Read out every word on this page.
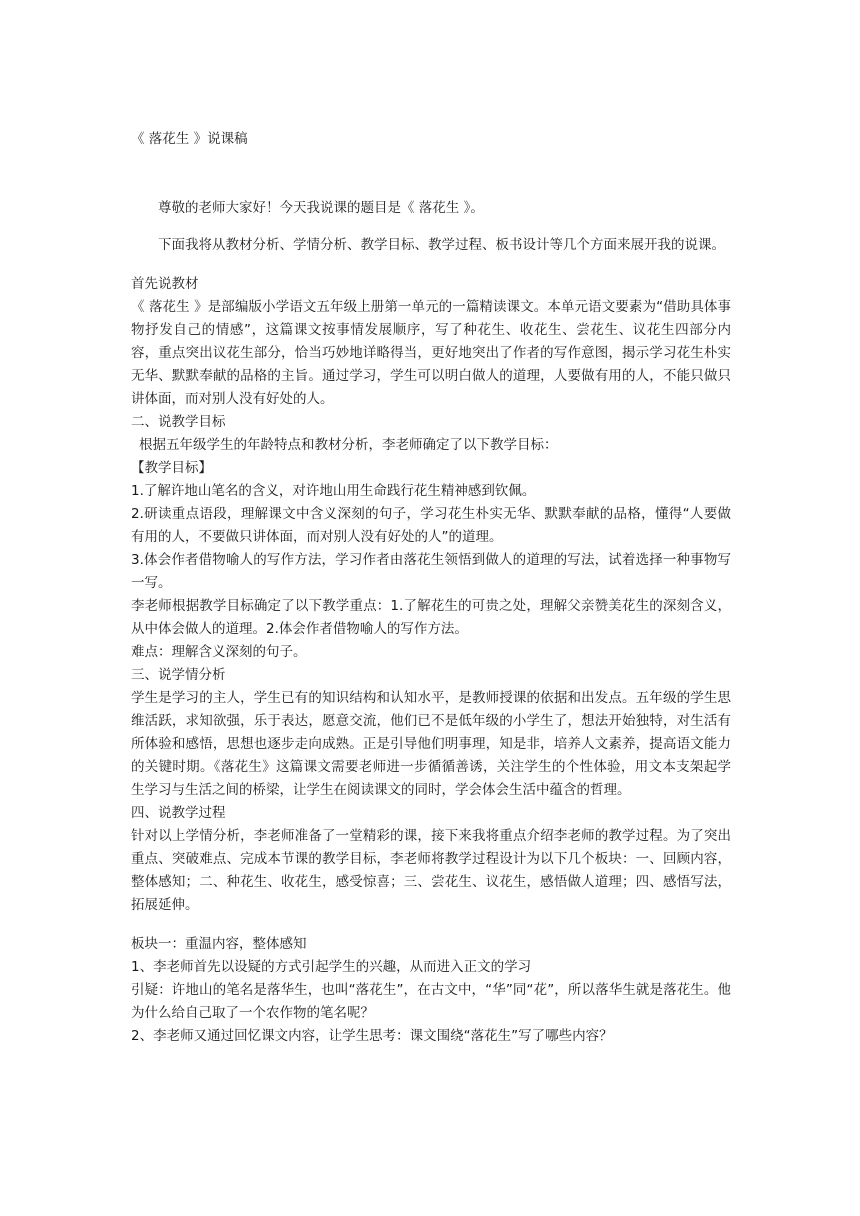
《 落花生 》说课稿

尊敬的老师大家好！今天我说课的题目是《 落花生 》。

下面我将从教材分析、学情分析、教学目标、教学过程、板书设计等几个方面来展开我的说课。

首先说教材

《 落花生 》是部编版小学语文五年级上册第一单元的一篇精读课文。本单元语文要素为“借助具体事物抒发自己的情感”，这篇课文按事情发展顺序，写了种花生、收花生、尝花生、议花生四部分内容，重点突出议花生部分，恰当巧妙地详略得当，更好地突出了作者的写作意图，揭示学习花生朴实无华、默默奉献的品格的主旨。通过学习，学生可以明白做人的道理，人要做有用的人，不能只做只讲体面，而对别人没有好处的人。

二、说教学目标

根据五年级学生的年龄特点和教材分析，李老师确定了以下教学目标：

【教学目标】

1.了解许地山笔名的含义，对许地山用生命践行花生精神感到钦佩。

2.研读重点语段，理解课文中含义深刻的句子，学习花生朴实无华、默默奉献的品格，懂得“人要做有用的人，不要做只讲体面，而对别人没有好处的人”的道理。

3.体会作者借物喻人的写作方法，学习作者由落花生领悟到做人的道理的写法，试着选择一种事物写一写。

李老师根据教学目标确定了以下教学重点：1.了解花生的可贵之处，理解父亲赞美花生的深刻含义，从中体会做人的道理。2.体会作者借物喻人的写作方法。

难点：理解含义深刻的句子。

三、说学情分析

学生是学习的主人，学生已有的知识结构和认知水平，是教师授课的依据和出发点。五年级的学生思维活跃，求知欲强，乐于表达，愿意交流，他们已不是低年级的小学生了，想法开始独特，对生活有所体验和感悟，思想也逐步走向成熟。正是引导他们明事理，知是非，培养人文素养，提高语文能力的关键时期。《落花生》这篇课文需要老师进一步循循善诱，关注学生的个性体验，用文本支架起学生学习与生活之间的桥梁，让学生在阅读课文的同时，学会体会生活中蕴含的哲理。

四、说教学过程

针对以上学情分析，李老师准备了一堂精彩的课，接下来我将重点介绍李老师的教学过程。为了突出重点、突破难点、完成本节课的教学目标，李老师将教学过程设计为以下几个板块：一、回顾内容，整体感知；二、种花生、收花生，感受惊喜；三、尝花生、议花生，感悟做人道理；四、感悟写法，拓展延伸。

板块一：重温内容，整体感知

1、李老师首先以设疑的方式引起学生的兴趣，从而进入正文的学习

引疑：许地山的笔名是落华生，也叫“落花生”，在古文中，“华”同“花”，所以落华生就是落花生。他为什么给自己取了一个农作物的笔名呢？

2、李老师又通过回忆课文内容，让学生思考：课文围绕“落花生”写了哪些内容？
